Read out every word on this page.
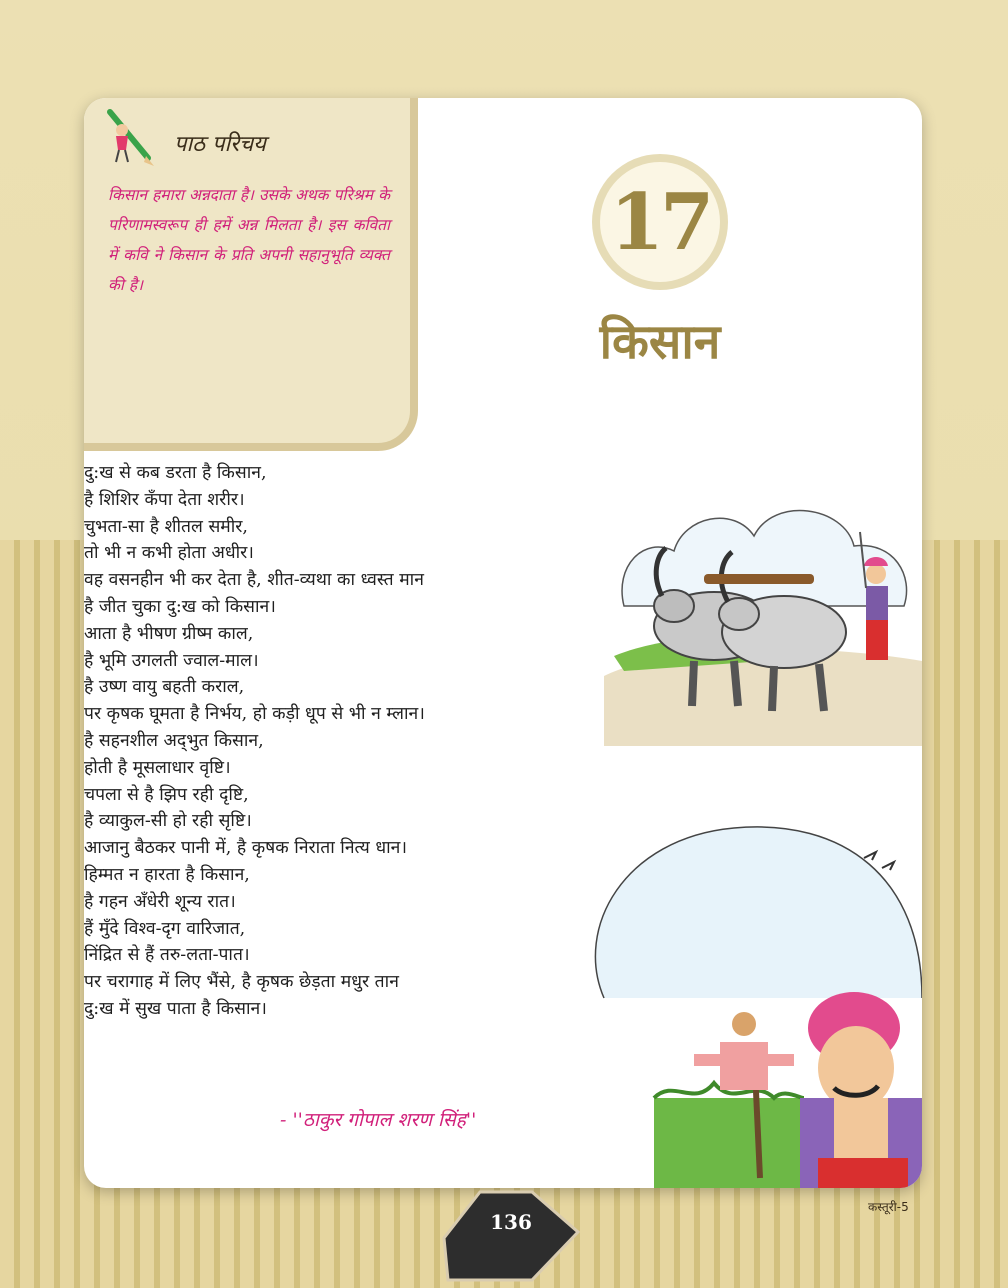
पाठ परिचय
किसान हमारा अन्नदाता है। उसके अथक परिश्रम के परिणामस्वरूप ही हमें अन्न मिलता है। इस कविता में कवि ने किसान के प्रति अपनी सहानुभूति व्यक्त की है।
17
किसान
दु:ख से कब डरता है किसान,
है शिशिर कँपा देता शरीर।
चुभता-सा है शीतल समीर,
तो भी न कभी होता अधीर।
वह वसनहीन भी कर देता है, शीत-व्यथा का ध्वस्त मान
है जीत चुका दु:ख को किसान।
आता है भीषण ग्रीष्म काल,
है भूमि उगलती ज्वाल-माल।
है उष्ण वायु बहती कराल,
पर कृषक घूमता है निर्भय, हो कड़ी धूप से भी न म्लान।
है सहनशील अद्‌भुत किसान,
होती है मूसलाधार वृष्टि।
चपला से है झिप रही दृष्टि,
है व्याकुल-सी हो रही सृष्टि।
आजानु बैठकर पानी में, है कृषक निराता नित्य धान।
हिम्मत न हारता है किसान,
है गहन अँधेरी शून्य रात।
हैं मुँदे विश्व-दृग वारिजात,
निंद्रित से हैं तरु-लता-पात।
पर चरागाह में लिए भैंसे, है कृषक छेड़ता मधुर तान
दु:ख में सुख पाता है किसान।
- ''ठाकुर गोपाल शरण सिंह''
136
कस्तूरी-5
